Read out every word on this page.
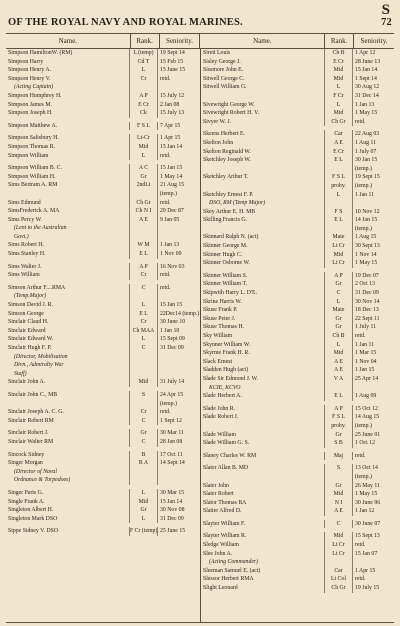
S
OF THE ROYAL NAVY AND ROYAL MARINES.	72
Name.	Rank.	Seniority.	Name.	Rank.	Seniority.
Simpson HamiltonW. (RM)	L (temp)	19 Sept 14
Simpson Harry	Cd T	15 Feb 15
Simpson Henry A.	L	15 June 15
Simpson Henry V.	Cr	retd.
(Acting Captain)
Simpson Humphrey H.	A P	15 July 12
Simpson James M.	E Cr	2 Jan 08
Simpson Joseph H.	Ck	15 July 13
Simpson Matthew A.	F S L	7 Apr 15
Simpson Salisbury H.	Lt-Cr	1 Apr 15
Simpson Thomas R.	Mid	15 Jan 14
Simpson William	L	retd.
Simpson William B. C.	A C	15 Jan 15
Simpson William H.	Gr	1 May 14
Sims Bertram A. RM	2ndLt	21 Aug 15
(temp.)
Sims Edmund	Ch Gr	retd.
SimsFrederick A. MA	Ch N I	29 Dec 87
Sims Percy W.	A E	9 Jan 05
(Lent to the Australian
Govt.)
Sims Robert H.	W M	1 Jan 13
Sims Stanley H.	E L	1 Nov 09
Sims Walter J.	A P	16 Nov 03
Sims William	Cr	retd.
Simson Arthur F....RMA	C	retd.
(Temp.Major)
Simson David J. R.	L	15 Jan 15
Simson George	E L	22Dec14 (temp.)
Sinclair Claud H.	Cr	30 June 10
Sinclair Edward	Ch MAA 1 Jan 10
Sinclair Edward W.	L	15 Sept 09
Sinclair Hugh F. P.	C	31 Dec 09
(Director, Mobilisation
Divn., Admiralty War
Staff)
Sinclair John A.	Mid	31 July 14
Sinclair John C., MB	S	24 Apr 15
(temp.)
Sinclair Joseph A. C. G.	Cr	retd.
Sinclair Robert RM	C	1 Sept 12
Sinclair Robert J.	Gr	30 Mar 11
Sinclair Walter RM	C	28 Jan 08
Sincock Sidney	B	17 Oct 11
Singer Morgan	R A	14 Sept 14
(Director of Naval
Ordnance & Torpedoes)
Singer Paris G.	L	30 Mar 15
Single Frank A.	Mid	15 Jan 14
Singleton Albert H.	Gr	30 Nov 08
Singleton Mark DSO	L	31 Dec 09
Sippe Sidney V. DSO	F Cr (temp) 25 June 15
Sirett Louis	Ch B	1 Apr 12
Sisley George J.	E Cr	28 June 13
Sissmore John E.	Mid	15 Jan 14
Sitwell George C.	Mid	1 Sept 14
Sitwell William G.	L	30 Aug 12
F Cr	31 Dec 14
Sivewright George W.	L	1 Jan 13
Sivewright Robert H. V.	Mid	1 May 15
Sivyer W. J.	Ch Gr	retd.
Skeens Herbert E.	Car	22 Aug 03
Skelton John	A E	1 Aug 11
Skelton Reginald W.	E Cr	1 July 07
Sketchley Joseph W.	E L	30 Jan 15
(temp.)
Sketchley Arthur T.	F S L	19 Sept 15
proby.	(temp.)
Sketchley Ernest F. P.	L	1 Jan 11
DSO, RM (Temp Major)
Skey Arthur E. H. MB	F S	10 Nov 12
Skilling Francis G.	E L	14 Jan 15
(temp.)
Skinnard Ralph N. (act)	Mate	1 Aug 15
Skinner George M.	Lt Cr	30 Sept 13
Skinner Hugh C.	Mid	1 Nov 14
Skinner Osborne W.	Lt Cr	1 May 15
Skinner William S.	A P	19 Dec 07
Skinner William T.	Gr	2 Oct 13
Skipwith Harry L. D'E.	C	31 Dec 09
Skrine Harris W.	L	30 Nov 14
Skuse Frank P.	Mate	18 Dec 13
Skuse Peter J.	Gr	22 Sept 11
Skuse Thomas H.	Gr	1 July 11
Sky William	Ch B	retd.
Skynner William W.	L	1 Jan 11
Skyrme Frank H. R.	Mid	1 Mar 15
Slack Ernest	A E	1 Nov 04
Sladden Hugh (act)	A E	1 Jan 15
Slade Sir Edmond J. W.	V A	25 Apr 14
KCIE, KCVO
Slade Herbert A.	E L	1 Aug 09
Slade John R.	A P	15 Oct 12
Slade Robert J.	F S L	14 Aug 15
proby.	(temp.)
Slade William	Gr	25 June 01
Slade William G. S.	S B	1 Oct 12
Slaney Charles W. RM	Maj	retd.
Slater Allan B. MD	S	13 Oct 14
(temp.)
Slater John	Gr	26 May 11
Slater Robert	Mid	1 May 15
Slator Thomas BA	N I	30 June 96
Slatter Alfred D.	A E	1 Jan 12
Slayter William F.	C	30 June 07
Slayter William R.	Mid	15 Sept 13
Sledge William	Lt Cr	retd.
Slee John A.	Lt Cr	15 Jan 07
(Acting Commander)
Sleeman Samuel E. (act)	Car	1 Apr 15
Slessor Herbert RMA	Lt Col	retd.
Slight Leonard	Ch Gr	19 July 15
